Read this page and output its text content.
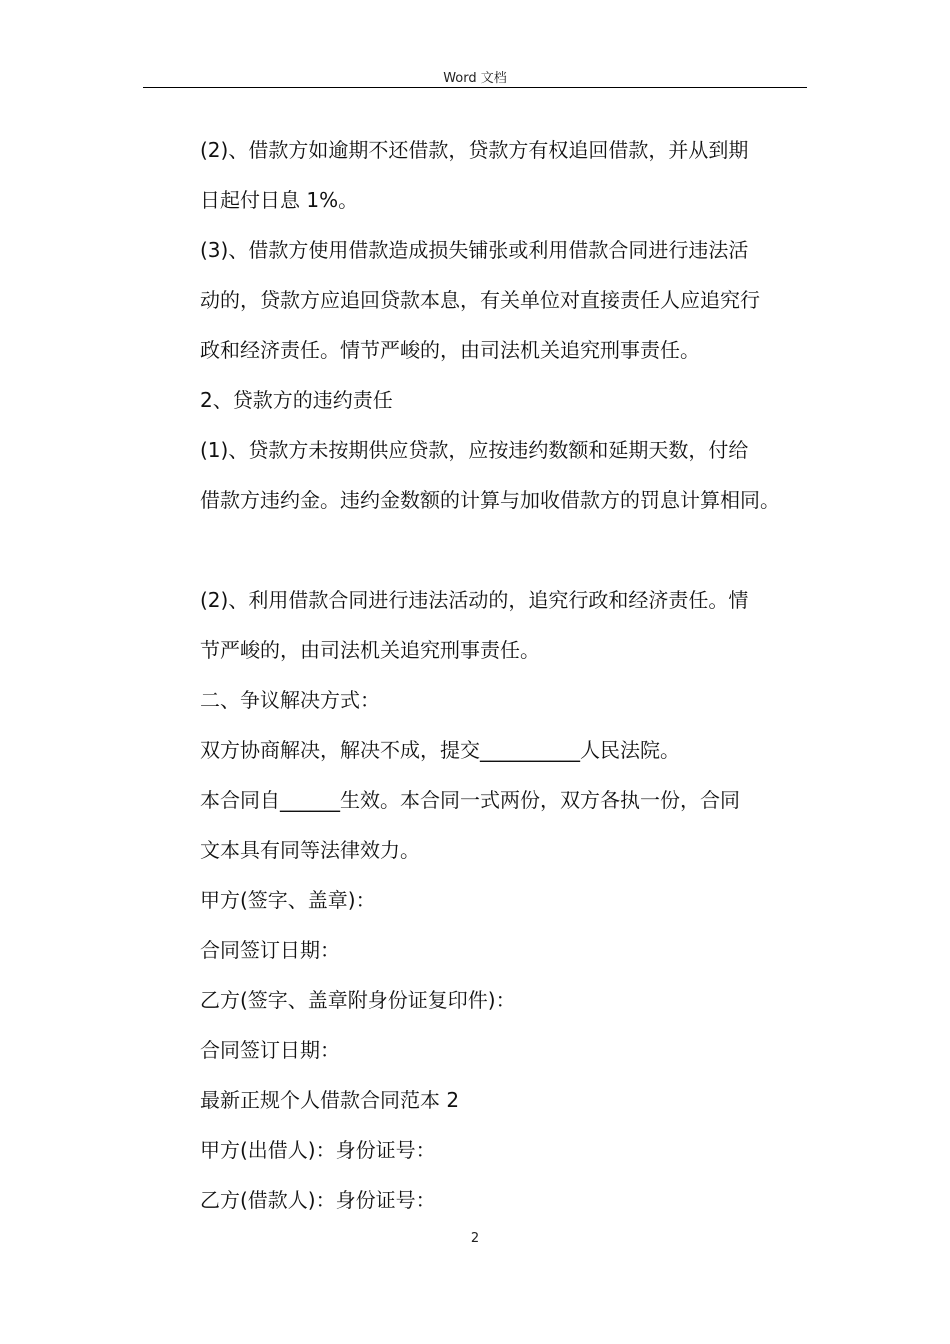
Word 文档
(2)、借款方如逾期不还借款，贷款方有权追回借款，并从到期
日起付日息 1%。
(3)、借款方使用借款造成损失铺张或利用借款合同进行违法活
动的，贷款方应追回贷款本息，有关单位对直接责任人应追究行
政和经济责任。情节严峻的，由司法机关追究刑事责任。
2、贷款方的违约责任
(1)、贷款方未按期供应贷款，应按违约数额和延期天数，付给
借款方违约金。违约金数额的计算与加收借款方的罚息计算相同。
(2)、利用借款合同进行违法活动的，追究行政和经济责任。情
节严峻的，由司法机关追究刑事责任。
二、争议解决方式：
双方协商解决，解决不成，提交__________人民法院。
本合同自______生效。本合同一式两份，双方各执一份，合同
文本具有同等法律效力。
甲方(签字、盖章)：
合同签订日期：
乙方(签字、盖章附身份证复印件)：
合同签订日期：
最新正规个人借款合同范本 2
甲方(出借人)：身份证号：
乙方(借款人)：身份证号：
2
